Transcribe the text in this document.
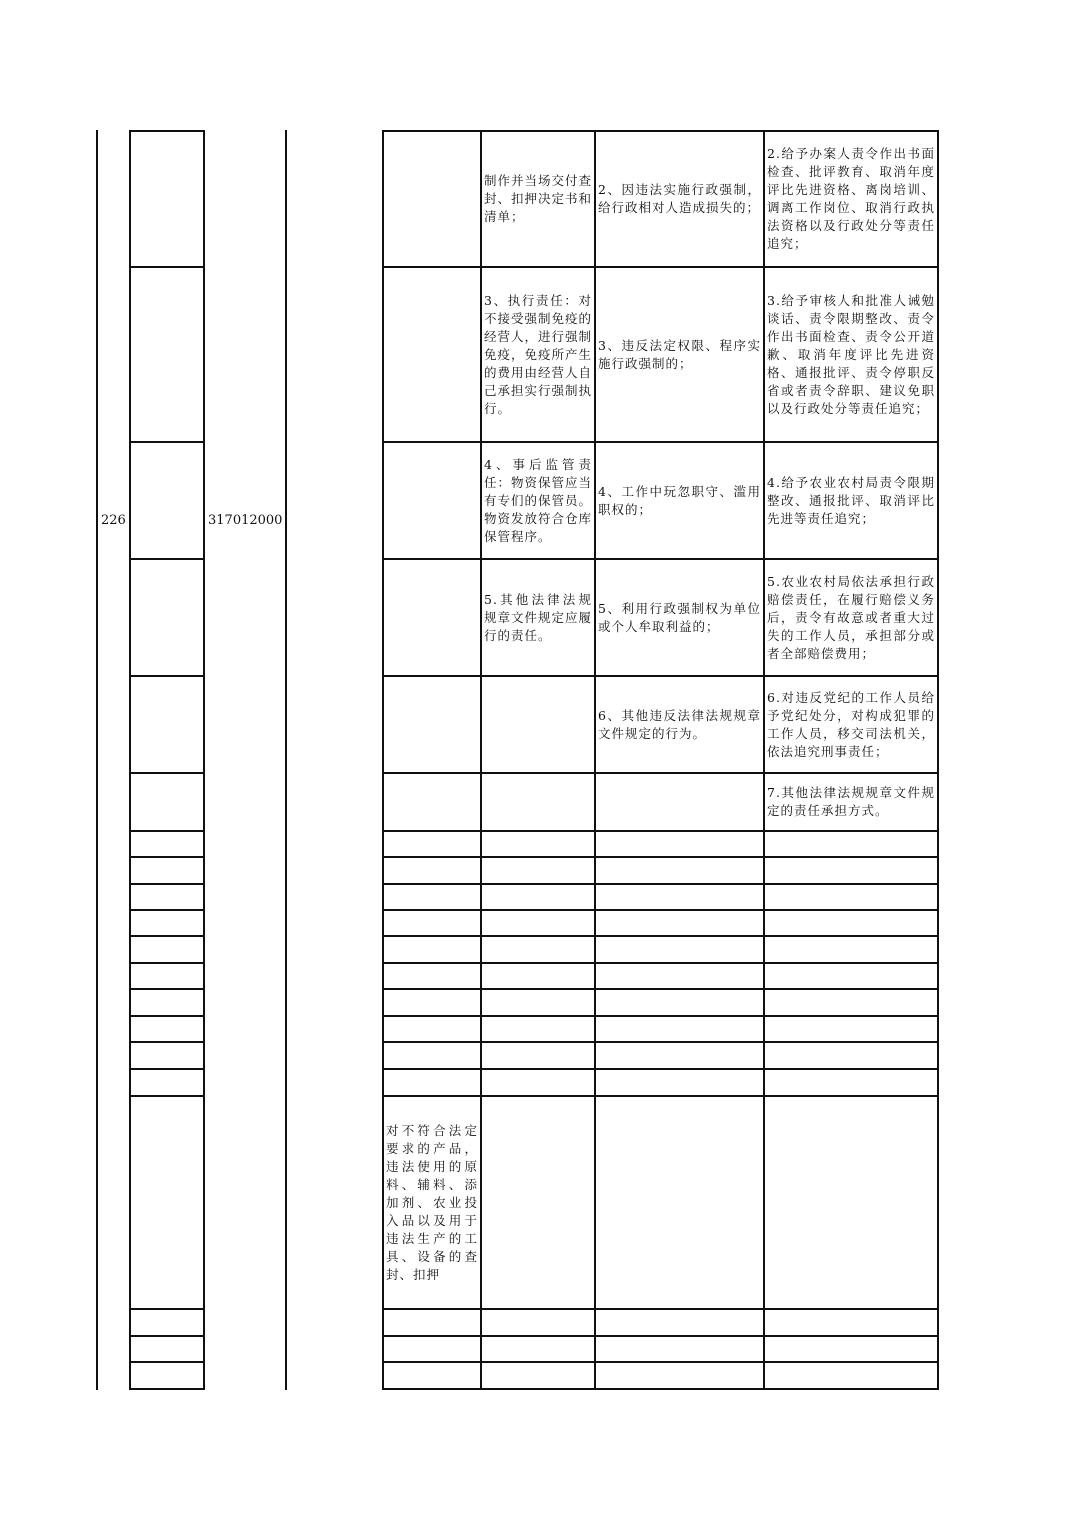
226	317012000
制作并当场交付查封、扣押决定书和清单；
2、因违法实施行政强制，给行政相对人造成损失的；
2.给予办案人责令作出书面检查、批评教育、取消年度评比先进资格、离岗培训、调离工作岗位、取消行政执法资格以及行政处分等责任追究；
3、执行责任：对不接受强制免疫的经营人，进行强制免疫，免疫所产生的费用由经营人自己承担实行强制执行。
3、违反法定权限、程序实施行政强制的；
3.给予审核人和批准人诫勉谈话、责令限期整改、责令作出书面检查、责令公开道歉、取消年度评比先进资格、通报批评、责令停职反省或者责令辞职、建议免职以及行政处分等责任追究；
4、事后监管责任：物资保管应当有专们的保管员。物资发放符合仓库保管程序。
4、工作中玩忽职守、滥用职权的；
4.给予农业农村局责令限期整改、通报批评、取消评比先进等责任追究；
5.其他法律法规规章文件规定应履行的责任。
5、利用行政强制权为单位或个人牟取利益的；
5.农业农村局依法承担行政赔偿责任，在履行赔偿义务后，责令有故意或者重大过失的工作人员，承担部分或者全部赔偿费用；
6、其他违反法律法规规章文件规定的行为。
6.对违反党纪的工作人员给予党纪处分，对构成犯罪的工作人员，移交司法机关，依法追究刑事责任；
7.其他法律法规规章文件规定的责任承担方式。
对不符合法定要求的产品，违法使用的原料、辅料、添加剂、农业投入品以及用于违法生产的工具、设备的查封、扣押
